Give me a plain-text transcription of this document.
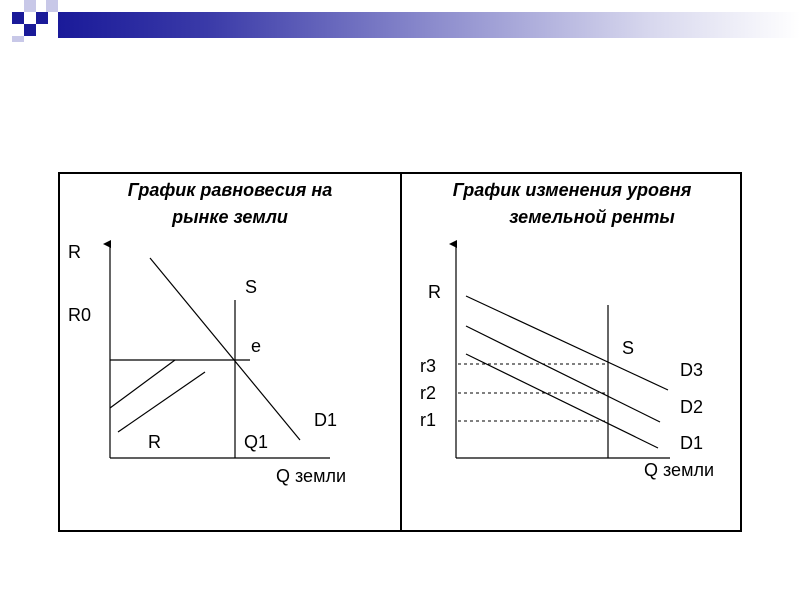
График равновесия на
рынке земли
График изменения уровня
земельной ренты
R
R0
S
e
D1
R	Q1
Q земли
R
S
r3
r2
r1
D3
D2
D1
Q земли
